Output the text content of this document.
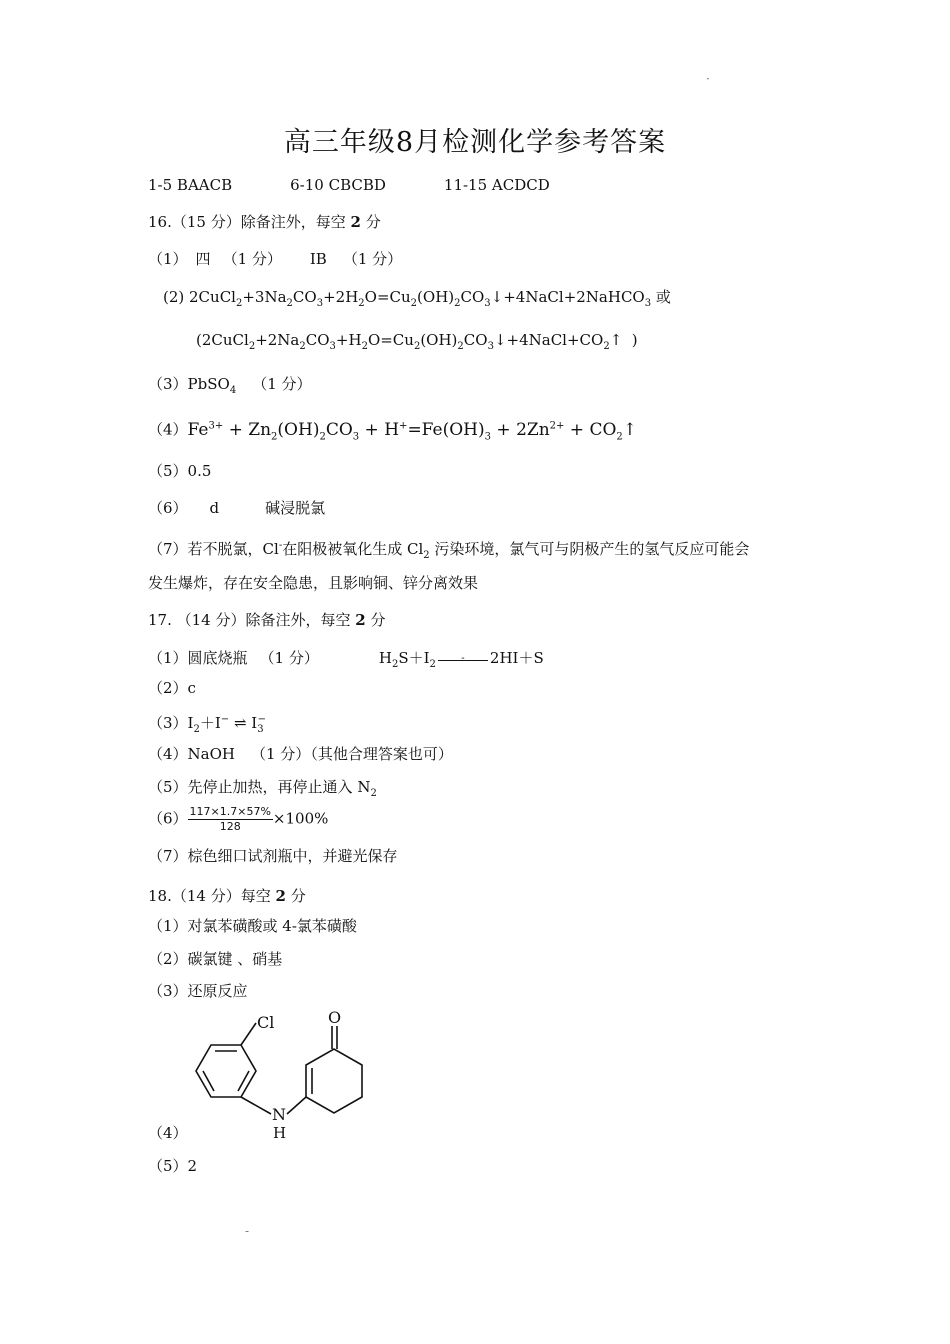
·
高三年级8月检测化学参考答案
1-5 BAACB	6-10 CBCBD	11-15 ACDCD
16.（15 分）除备注外，每空 2 分
（1） 四 （1 分） ⅠB （1 分）
(2) $2CuCl_2+3Na_2CO_3+2H_2O=Cu_2(OH)_2CO_3↓+4NaCl+2NaHCO_3$ 或
($2CuCl_2+2Na_2CO_3+H_2O=Cu_2(OH)_2CO_3↓+4NaCl+CO_2↑$  )
（3）PbSO$_4$ （1 分）
$(4)Fe^{3+} + Zn_2(OH)_2CO_3 + H^+=Fe(OH)_3 + 2Zn^{2+}$ + $CO_2↑$
（5）0.5
（6） d	碱浸脱氯
（7）若不脱氯，Cl-在阳极被氧化生成 $Cl_2$ 污染环境，氯气可与阴极产生的氢气反应可能会
发生爆炸，存在安全隐患，且影响铜、锌分离效果
17. （14 分）除备注外，每空 2 分
（1）圆底烧瓶 （1 分）	$H_2S+I_2$
-	2HI＋S
（2）c
$(3)I_2+I^-$ ⇌ $I_3^-$
（4）NaOH （1 分）（其他合理答案也可）
（5）先停止加热，再停止通入 $N_2$
$(6) \frac{117\times 1.7\times 57\%}{128} \times 100\%$
（7）棕色细口试剂瓶中，并避光保存
18.（14 分）每空 2 分
（1）对氯苯磺酸或 4-氯苯磺酸
（2）碳氯键 、硝基
（3）还原反应
O
Cl
N
H
（4）
（5）2
-
